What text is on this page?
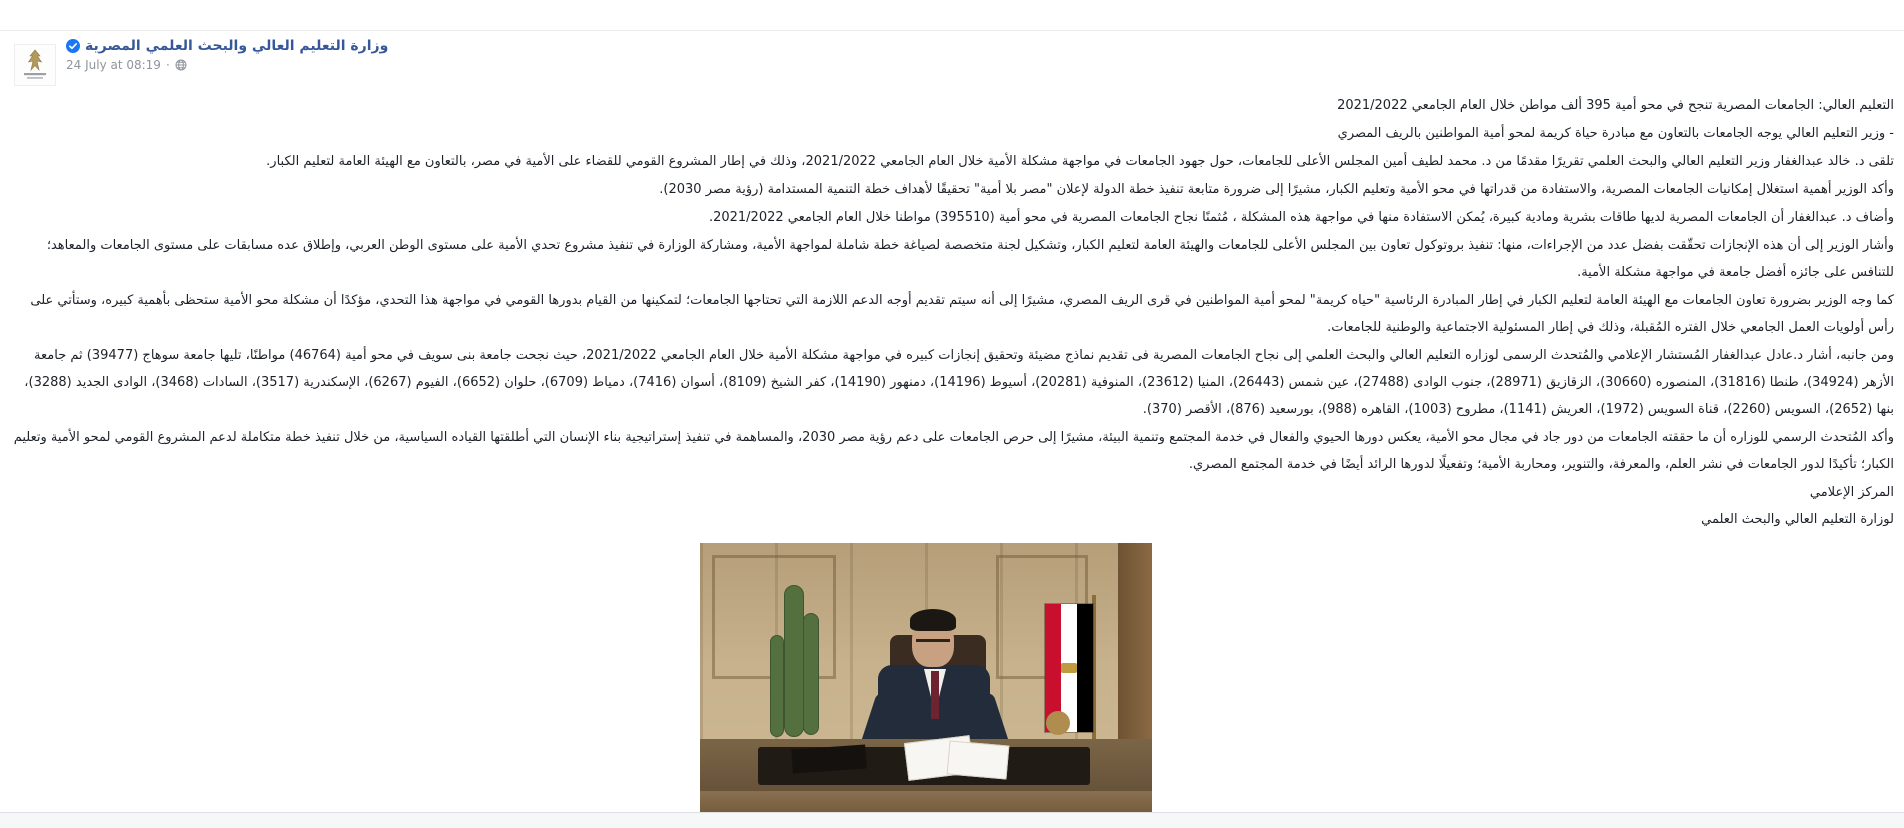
وزارة التعليم العالي والبحث العلمي المصرية
24 July at 08:19 ·

التعليم العالي: الجامعات المصرية تنجح في محو أمية 395 ألف مواطن خلال العام الجامعي 2021/2022

- وزير التعليم العالي يوجه الجامعات بالتعاون مع مبادرة حياة كريمة لمحو أمية المواطنين بالريف المصري

تلقى د. خالد عبدالغفار وزير التعليم العالي والبحث العلمي تقريرًا مقدمًا من د. محمد لطيف أمين المجلس الأعلى للجامعات، حول جهود الجامعات في مواجهة مشكلة الأمية خلال العام الجامعي 2021/2022، وذلك في إطار المشروع القومي للقضاء على الأمية في مصر، بالتعاون مع الهيئة العامة لتعليم الكبار.

وأكد الوزير أهمية استغلال إمكانيات الجامعات المصرية، والاستفادة من قدراتها في محو الأمية وتعليم الكبار، مشيرًا إلى ضرورة متابعة تنفيذ خطة الدولة لإعلان "مصر بلا أمية" تحقيقًا لأهداف خطة التنمية المستدامة (رؤية مصر 2030).

وأضاف د. عبدالغفار أن الجامعات المصرية لديها طاقات بشرية ومادية كبيرة، يُمكن الاستفادة منها في مواجهة هذه المشكلة ، مُثمنًا نجاح الجامعات المصرية في محو أمية (395510) مواطنا خلال العام الجامعي 2021/2022.

وأشار الوزير إلى أن هذه الإنجازات تحقّقت بفضل عدد من الإجراءات، منها: تنفيذ بروتوكول تعاون بين المجلس الأعلى للجامعات والهيئة العامة لتعليم الكبار، وتشكيل لجنة متخصصة لصياغة خطة شاملة لمواجهة الأمية، ومشاركة الوزارة في تنفيذ مشروع تحدي الأمية على مستوى الوطن العربي، وإطلاق عده مسابقات على مستوى الجامعات والمعاهد؛ للتنافس على جائزه أفضل جامعة في مواجهة مشكلة الأمية.

كما وجه الوزير بضرورة تعاون الجامعات مع الهيئة العامة لتعليم الكبار في إطار المبادرة الرئاسية "حياه كريمة" لمحو أمية المواطنين في قرى الريف المصري، مشيرًا إلى أنه سيتم تقديم أوجه الدعم اللازمة التي تحتاجها الجامعات؛ لتمكينها من القيام بدورها القومي في مواجهة هذا التحدي، مؤكدًا أن مشكلة محو الأمية ستحظى بأهمية كبيره، وستأتي على رأس أولويات العمل الجامعي خلال الفتره المُقبلة، وذلك في إطار المسئولية الاجتماعية والوطنية للجامعات.

ومن جانبه، أشار د.عادل عبدالغفار المُستشار الإعلامي والمُتحدث الرسمى لوزاره التعليم العالي والبحث العلمي إلى نجاح الجامعات المصرية فى تقديم نماذج مضيئة وتحقيق إنجازات كبيره في مواجهة مشكلة الأمية خلال العام الجامعي 2021/2022، حيث نجحت جامعة بنى سويف في محو أمية (46764) مواطنًا، تليها جامعة سوهاج (39477) ثم جامعة الأزهر (34924)، طنطا (31816)، المنصوره (30660)، الزقازيق (28971)، جنوب الوادى (27488)، عين شمس (26443)، المنيا (23612)، المنوفية (20281)، أسيوط (14196)، دمنهور (14190)، كفر الشيخ (8109)، أسوان (7416)، دمياط (6709)، حلوان (6652)، الفيوم (6267)، الإسكندرية (3517)، السادات (3468)، الوادى الجديد (3288)، بنها (2652)، السويس (2260)، قناة السويس (1972)، العريش (1141)، مطروح (1003)، القاهره (988)، بورسعيد (876)، الأقصر (370).

وأكد المُتحدث الرسمي للوزاره أن ما حققته الجامعات من دور جاد في مجال محو الأمية، يعكس دورها الحيوي والفعال في خدمة المجتمع وتنمية البيئة، مشيرًا إلى حرص الجامعات على دعم رؤية مصر 2030، والمساهمة في تنفيذ إستراتيجية بناء الإنسان التي أطلقتها القياده السياسية، من خلال تنفيذ خطة متكاملة لدعم المشروع القومي لمحو الأمية وتعليم الكبار؛ تأكيدًا لدور الجامعات في نشر العلم، والمعرفة، والتنوير، ومحاربة الأمية؛ وتفعيلًا لدورها الرائد أيضًا في خدمة المجتمع المصري.

المركز الإعلامي

لوزارة التعليم العالي والبحث العلمي
